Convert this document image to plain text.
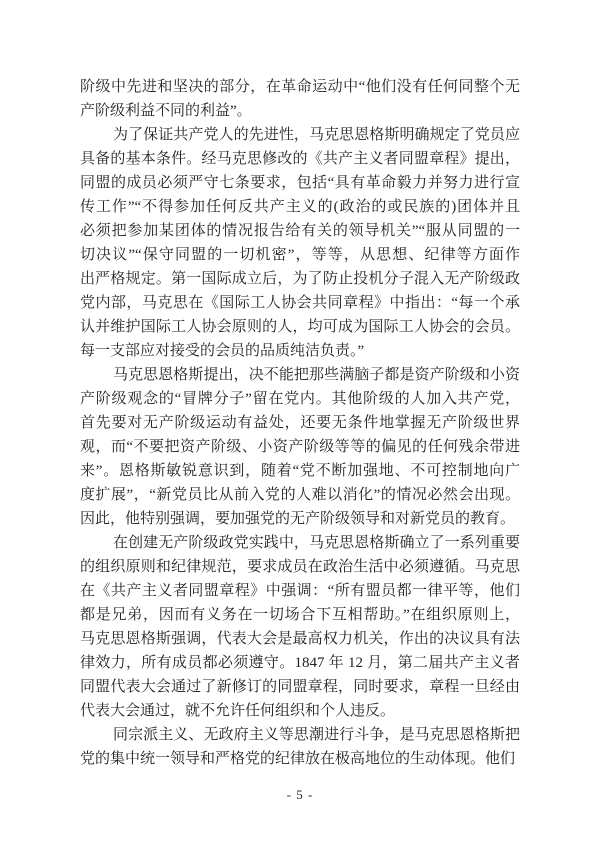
阶级中先进和坚决的部分，在革命运动中“他们没有任何同整个无
产阶级利益不同的利益”。
为了保证共产党人的先进性，马克思恩格斯明确规定了党员应
具备的基本条件。经马克思修改的《共产主义者同盟章程》提出，
同盟的成员必须严守七条要求，包括“具有革命毅力并努力进行宣
传工作”“不得参加任何反共产主义的(政治的或民族的)团体并且
必须把参加某团体的情况报告给有关的领导机关”“服从同盟的一
切决议”“保守同盟的一切机密”，等等，从思想、纪律等方面作
出严格规定。第一国际成立后，为了防止投机分子混入无产阶级政
党内部，马克思在《国际工人协会共同章程》中指出：“每一个承
认并维护国际工人协会原则的人，均可成为国际工人协会的会员。
每一支部应对接受的会员的品质纯洁负责。”
马克思恩格斯提出，决不能把那些满脑子都是资产阶级和小资
产阶级观念的“冒牌分子”留在党内。其他阶级的人加入共产党，
首先要对无产阶级运动有益处，还要无条件地掌握无产阶级世界
观，而“不要把资产阶级、小资产阶级等等的偏见的任何残余带进
来”。恩格斯敏锐意识到，随着“党不断加强地、不可控制地向广
度扩展”，“新党员比从前入党的人难以消化”的情况必然会出现。
因此，他特别强调，要加强党的无产阶级领导和对新党员的教育。
在创建无产阶级政党实践中，马克思恩格斯确立了一系列重要
的组织原则和纪律规范，要求成员在政治生活中必须遵循。马克思
在《共产主义者同盟章程》中强调：“所有盟员都一律平等，他们
都是兄弟，因而有义务在一切场合下互相帮助。”在组织原则上，
马克思恩格斯强调，代表大会是最高权力机关，作出的决议具有法
律效力，所有成员都必须遵守。1847 年 12 月，第二届共产主义者
同盟代表大会通过了新修订的同盟章程，同时要求，章程一旦经由
代表大会通过，就不允许任何组织和个人违反。
同宗派主义、无政府主义等思潮进行斗争，是马克思恩格斯把
党的集中统一领导和严格党的纪律放在极高地位的生动体现。他们
- 5 -
